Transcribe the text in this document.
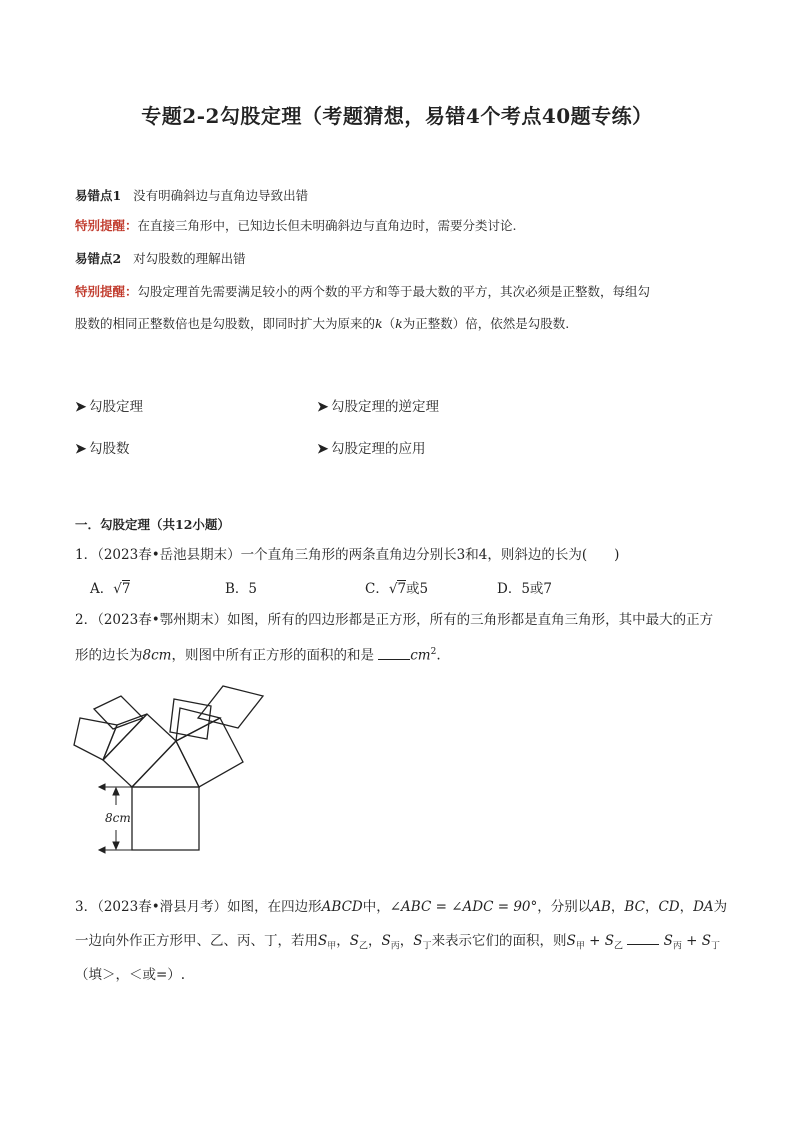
专题2-2勾股定理（考题猜想，易错4个考点40题专练）
易错点1 没有明确斜边与直角边导致出错
特别提醒：在直接三角形中，已知边长但未明确斜边与直角边时，需要分类讨论.
易错点2 对勾股数的理解出错
特别提醒：勾股定理首先需要满足较小的两个数的平方和等于最大数的平方，其次必须是正整数，每组勾
股数的相同正整数倍也是勾股数，即同时扩大为原来的k（k为正整数）倍，依然是勾股数.
➤ 勾股定理	➤ 勾股定理的逆定理
➤ 勾股数	➤ 勾股定理的应用
一．勾股定理（共12小题）
1．（2023春•岳池县期末）一个直角三角形的两条直角边分别长3和4，则斜边的长为(　　)
A．√7	B．5	C．√7或5	D．5或7
2．（2023春•鄂州期末）如图，所有的四边形都是正方形，所有的三角形都是直角三角形，其中最大的正方
形的边长为8cm，则图中所有正方形的面积的和是	$cm^2$.
8cm
3．（2023春•滑县月考）如图，在四边形ABCD中，∠ABC = ∠ADC = 90°，分别以AB，BC，CD，DA为
一边向外作正方形甲、乙、丙、丁，若用$S_甲$，$S_乙$，$S_丙$，$S_丁$来表示它们的面积，则$S_甲 + S_乙$	$S_丙 + S_丁$
（填＞，＜或=）.
